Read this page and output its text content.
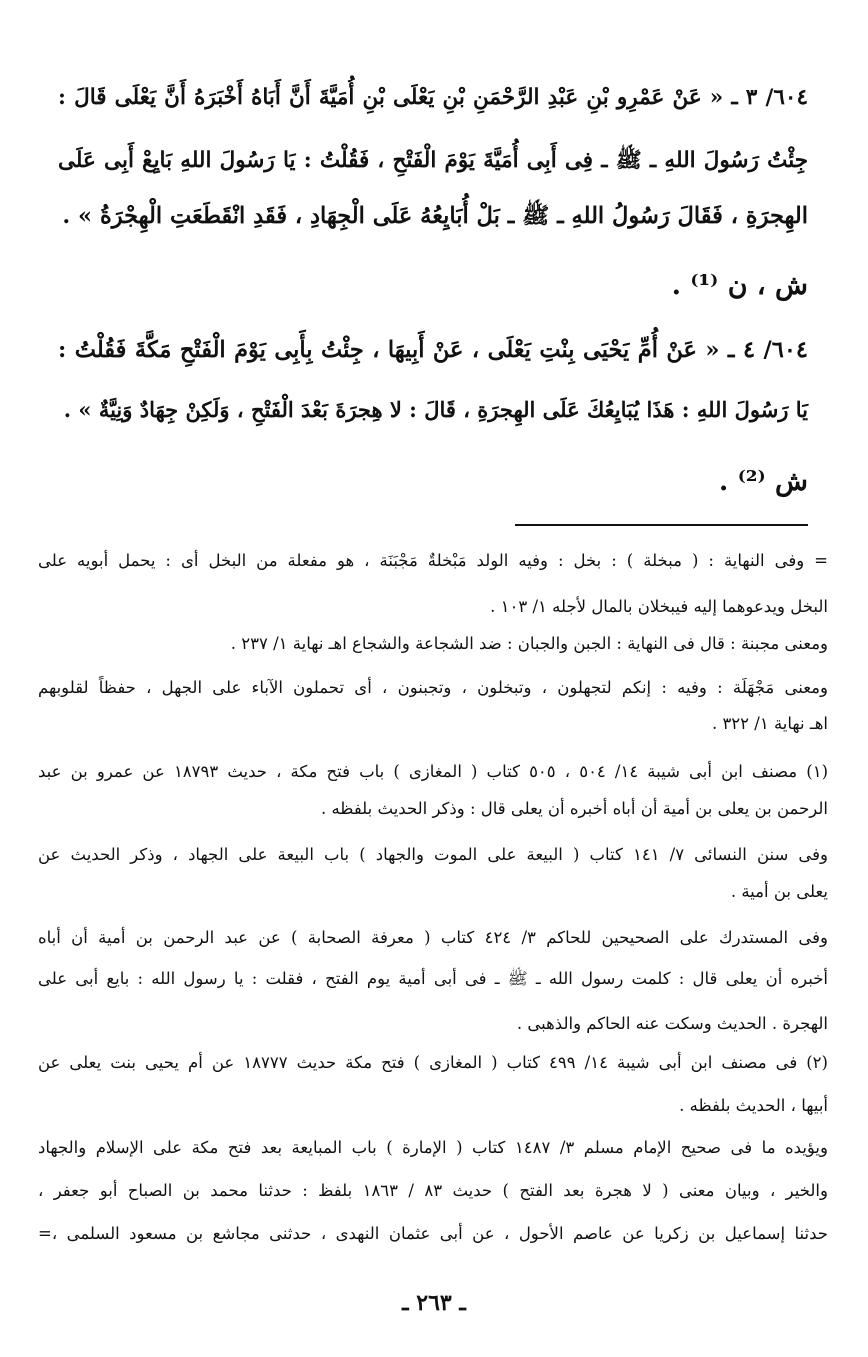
٦٠٤/ ٣ ـ « عَنْ عَمْرِو بْنِ عَبْدِ الرَّحْمَنِ بْنِ يَعْلَى بْنِ أُمَيَّةَ أَنَّ أَبَاهُ أَخْبَرَهُ أَنَّ يَعْلَى قَالَ :
جِئْتُ رَسُولَ اللهِ ـ ﷺ ـ فِى أَبِى أُمَيَّةَ يَوْمَ الْفَتْحِ ، فَقُلْتُ : يَا رَسُولَ اللهِ بَايِعْ أَبِى عَلَى
الهِجرَةِ ، فَقَالَ رَسُولُ اللهِ ـ ﷺ ـ بَلْ أُبَايِعُهُ عَلَى الْجِهَادِ ، فَقَدِ انْقَطَعَتِ الْهِجْرَةُ » .
ش ، ن ⁽¹⁾ .
٦٠٤/ ٤ ـ « عَنْ أُمِّ يَحْيَى بِنْتِ يَعْلَى ، عَنْ أَبِيهَا ، جِئْتُ بِأَبِى يَوْمَ الْفَتْحِ مَكَّةَ فَقُلْتُ :
يَا رَسُولَ اللهِ : هَذَا يُبَايِعُكَ عَلَى الهِجرَةِ ، قَالَ : لا هِجرَةَ بَعْدَ الْفَتْحِ ، وَلَكِنْ جِهَادٌ وَنِيَّةٌ » .
ش ⁽²⁾ .
= وفى النهاية : ( مبخلة ) : بخل : وفيه الولد مَبْخلةٌ مَجْبَنَة ، هو مفعلة من البخل أى : يحمل أبويه على
البخل ويدعوهما إليه فيبخلان بالمال لأجله ١/ ١٠٣ .
ومعنى مجبنة : قال فى النهاية : الجبن والجبان : ضد الشجاعة والشجاع اهـ نهاية ١/ ٢٣٧ .
ومعنى مَجْهَلَة : وفيه : إنكم لتجهلون ، وتبخلون ، وتجبنون ، أى تحملون الآباء على الجهل ، حفظاً لقلوبهم
اهـ نهاية ١/ ٣٢٢ .
(١) مصنف ابن أبى شيبة ١٤/ ٥٠٤ ، ٥٠٥ كتاب ( المغازى ) باب فتح مكة ، حديث ١٨٧٩٣ عن عمرو بن عبد
الرحمن بن يعلى بن أمية أن أباه أخبره أن يعلى قال : وذكر الحديث بلفظه .
وفى سنن النسائى ٧/ ١٤١ كتاب ( البيعة على الموت والجهاد ) باب البيعة على الجهاد ، وذكر الحديث عن
يعلى بن أمية .
وفى المستدرك على الصحيحين للحاكم ٣/ ٤٢٤ كتاب ( معرفة الصحابة ) عن عبد الرحمن بن أمية أن أباه
أخبره أن يعلى قال : كلمت رسول الله ـ ﷺ ـ فى أبى أمية يوم الفتح ، فقلت : يا رسول الله : بايع أبى على
الهجرة . الحديث وسكت عنه الحاكم والذهبى .
(٢) فى مصنف ابن أبى شيبة ١٤/ ٤٩٩ كتاب ( المغازى ) فتح مكة حديث ١٨٧٧٧ عن أم يحيى بنت يعلى عن
أبيها ، الحديث بلفظه .
ويؤيده ما فى صحيح الإمام مسلم ٣/ ١٤٨٧ كتاب ( الإمارة ) باب المبايعة بعد فتح مكة على الإسلام والجهاد
والخير ، وبيان معنى ( لا هجرة بعد الفتح ) حديث ٨٣ / ١٨٦٣ بلفظ : حدثنا محمد بن الصباح أبو جعفر ،
حدثنا إسماعيل بن زكريا عن عاصم الأحول ، عن أبى عثمان النهدى ، حدثنى مجاشع بن مسعود السلمى ،=
ـ ٢٦٣ ـ
